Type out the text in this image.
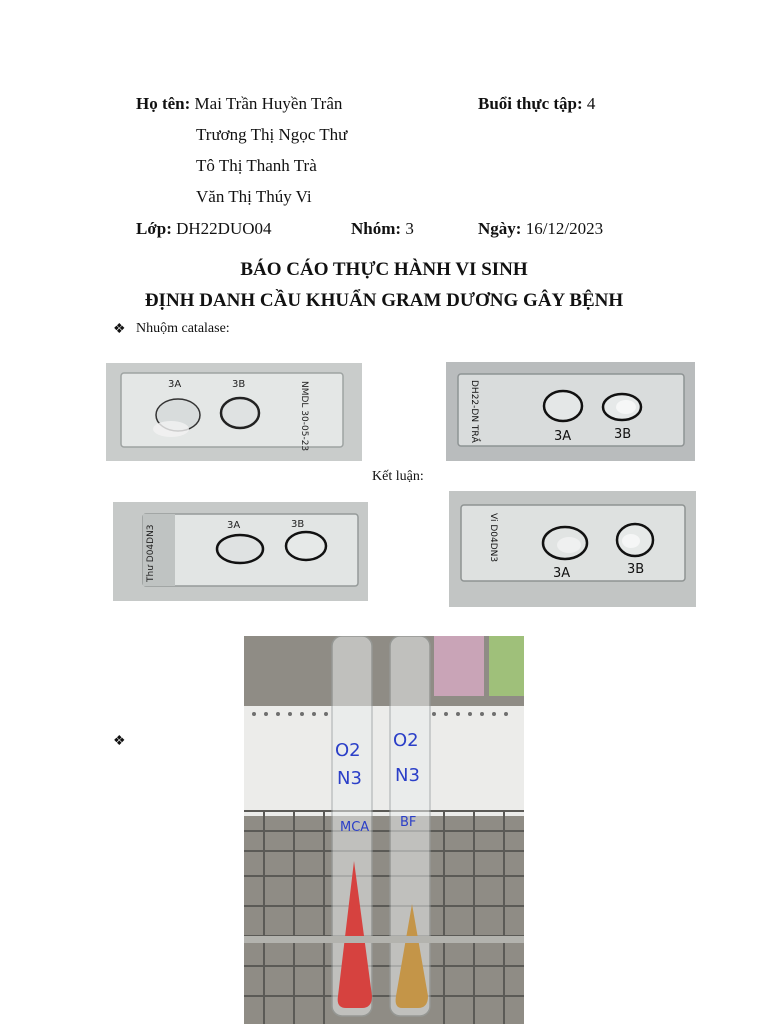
Họ tên: Mai Trần Huyền Trân
Trương Thị Ngọc Thư
Tô Thị Thanh Trà
Văn Thị Thúy Vi
Buổi thực tập: 4
Lớp: DH22DUO04	Nhóm: 3	Ngày: 16/12/2023
BÁO CÁO THỰC HÀNH VI SINH
ĐỊNH DANH CẦU KHUẨN GRAM DƯƠNG GÂY BỆNH
❖ Nhuộm catalase:
3A	3B	NMDL 30-05-23	3A	3B
DH22-DN TRẦ
Kết luận:
3A	3B
Thư D04DN3	3A	3B
Vi D04DN3
❖	O2
N3
MCA
O2
N3
BF
